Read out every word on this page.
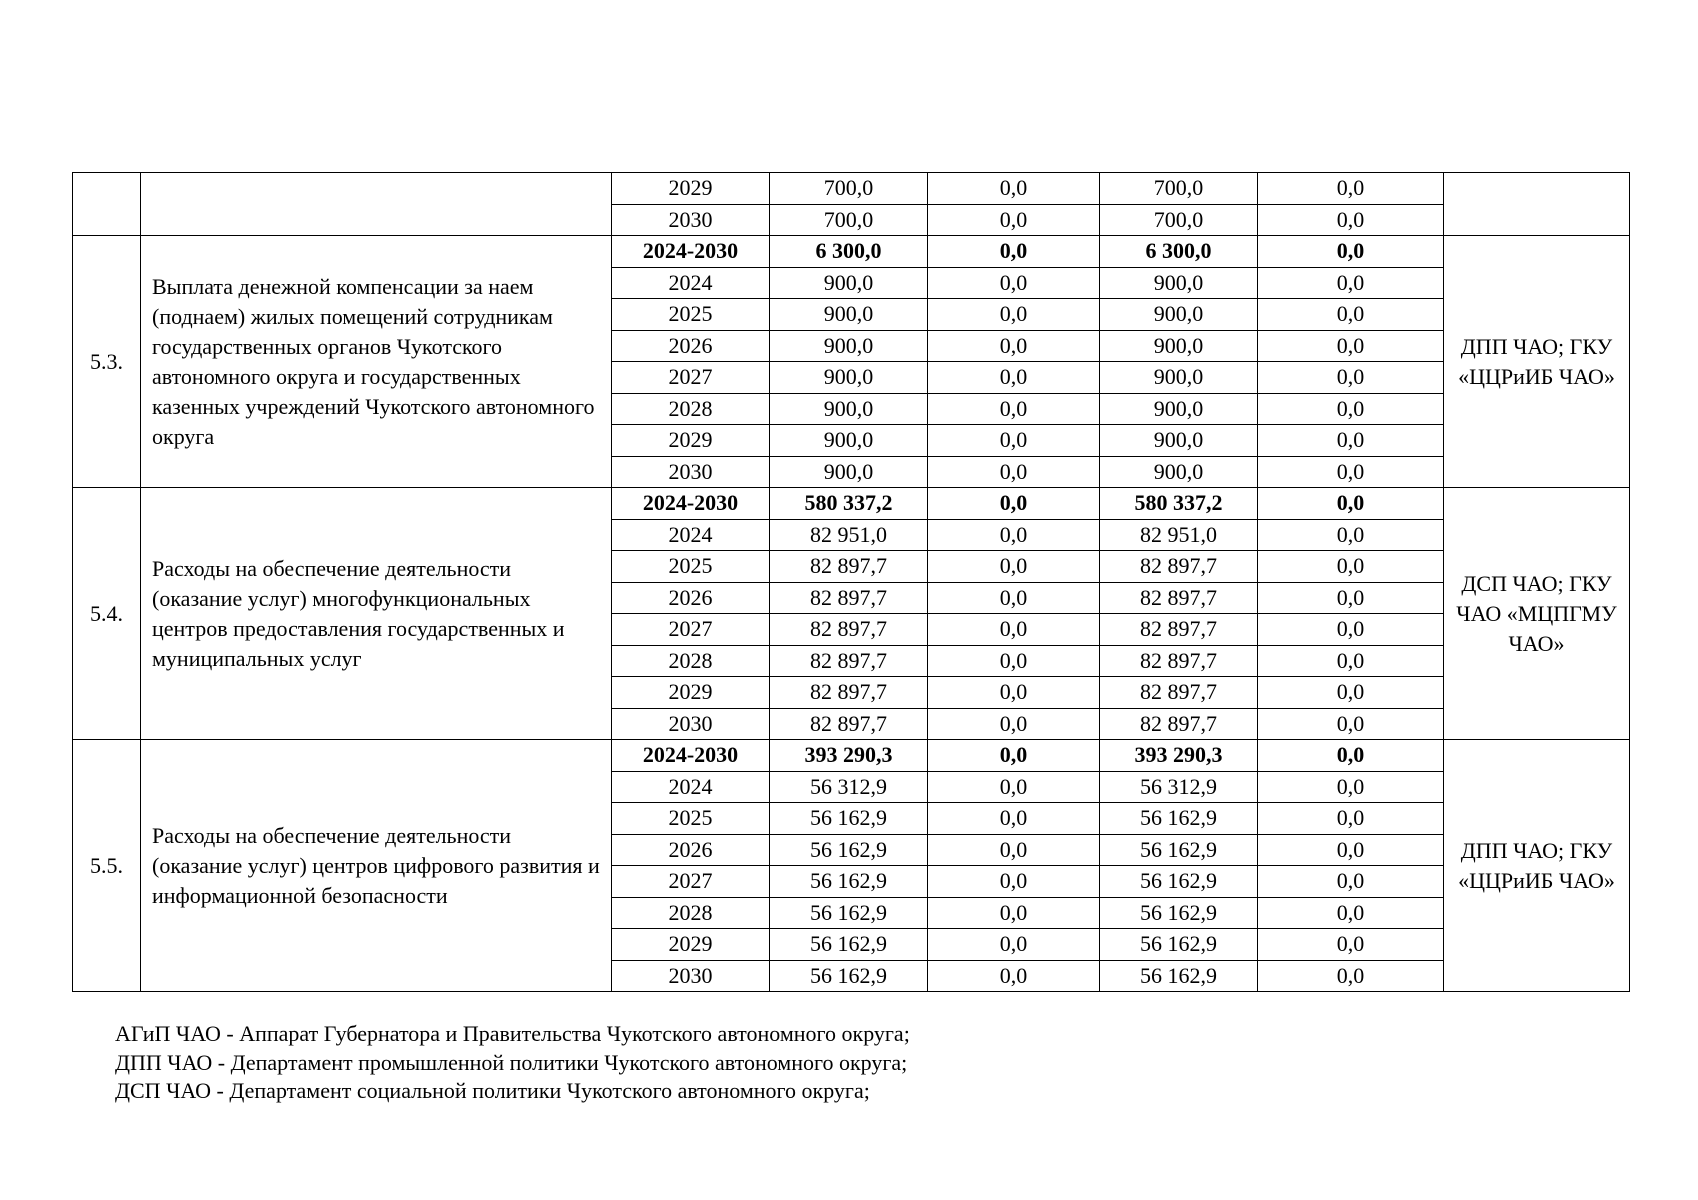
		2029	700,0	0,0	700,0	0,0	
		2030	700,0	0,0	700,0	0,0	
5.3.	Выплата денежной компенсации за наем (поднаем) жилых помещений сотрудникам государственных органов Чукотского автономного округа и государственных казенных учреждений Чукотского автономного округа	2024-2030	6 300,0	0,0	6 300,0	0,0	ДПП ЧАО; ГКУ «ЦЦРиИБ ЧАО»
		2024	900,0	0,0	900,0	0,0	
		2025	900,0	0,0	900,0	0,0	
		2026	900,0	0,0	900,0	0,0	
		2027	900,0	0,0	900,0	0,0	
		2028	900,0	0,0	900,0	0,0	
		2029	900,0	0,0	900,0	0,0	
		2030	900,0	0,0	900,0	0,0	
5.4.	Расходы на обеспечение деятельности (оказание услуг) многофункциональных центров предоставления государственных и муниципальных услуг	2024-2030	580 337,2	0,0	580 337,2	0,0	ДСП ЧАО; ГКУ ЧАО «МЦПГМУ ЧАО»
		2024	82 951,0	0,0	82 951,0	0,0	
		2025	82 897,7	0,0	82 897,7	0,0	
		2026	82 897,7	0,0	82 897,7	0,0	
		2027	82 897,7	0,0	82 897,7	0,0	
		2028	82 897,7	0,0	82 897,7	0,0	
		2029	82 897,7	0,0	82 897,7	0,0	
		2030	82 897,7	0,0	82 897,7	0,0	
5.5.	Расходы на обеспечение деятельности (оказание услуг) центров цифрового развития и информационной безопасности	2024-2030	393 290,3	0,0	393 290,3	0,0	ДПП ЧАО; ГКУ «ЦЦРиИБ ЧАО»
		2024	56 312,9	0,0	56 312,9	0,0	
		2025	56 162,9	0,0	56 162,9	0,0	
		2026	56 162,9	0,0	56 162,9	0,0	
		2027	56 162,9	0,0	56 162,9	0,0	
		2028	56 162,9	0,0	56 162,9	0,0	
		2029	56 162,9	0,0	56 162,9	0,0	
		2030	56 162,9	0,0	56 162,9	0,0	
АГиП ЧАО - Аппарат Губернатора и Правительства Чукотского автономного округа;
ДПП ЧАО - Департамент промышленной политики Чукотского автономного округа;
ДСП ЧАО - Департамент социальной политики Чукотского автономного округа;
